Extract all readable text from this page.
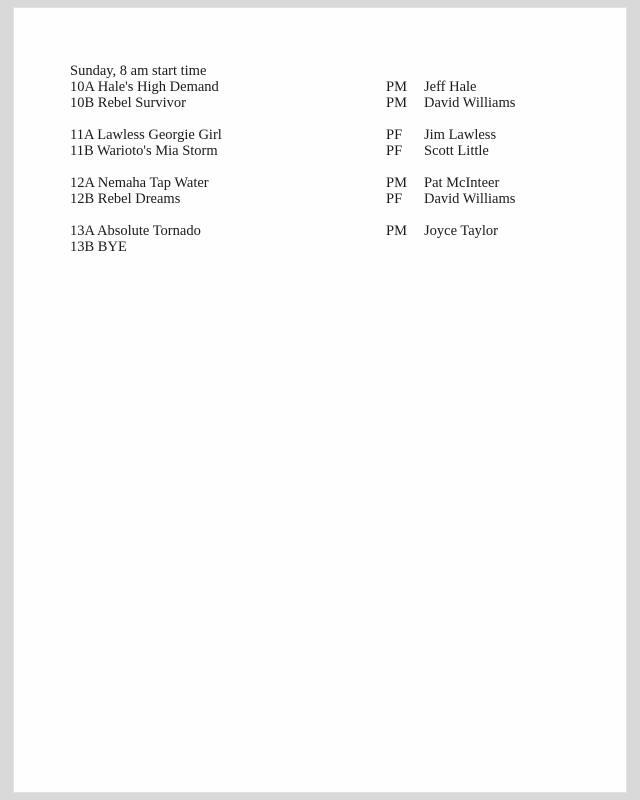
Sunday, 8 am start time
10A Hale's High Demand	PM	Jeff Hale
10B Rebel Survivor	PM	David Williams
11A Lawless Georgie Girl	PF	Jim Lawless
11B Warioto's Mia Storm	PF	Scott Little
12A Nemaha Tap Water	PM	Pat McInteer
12B Rebel Dreams	PF	David Williams
13A Absolute Tornado	PM	Joyce Taylor
13B BYE
